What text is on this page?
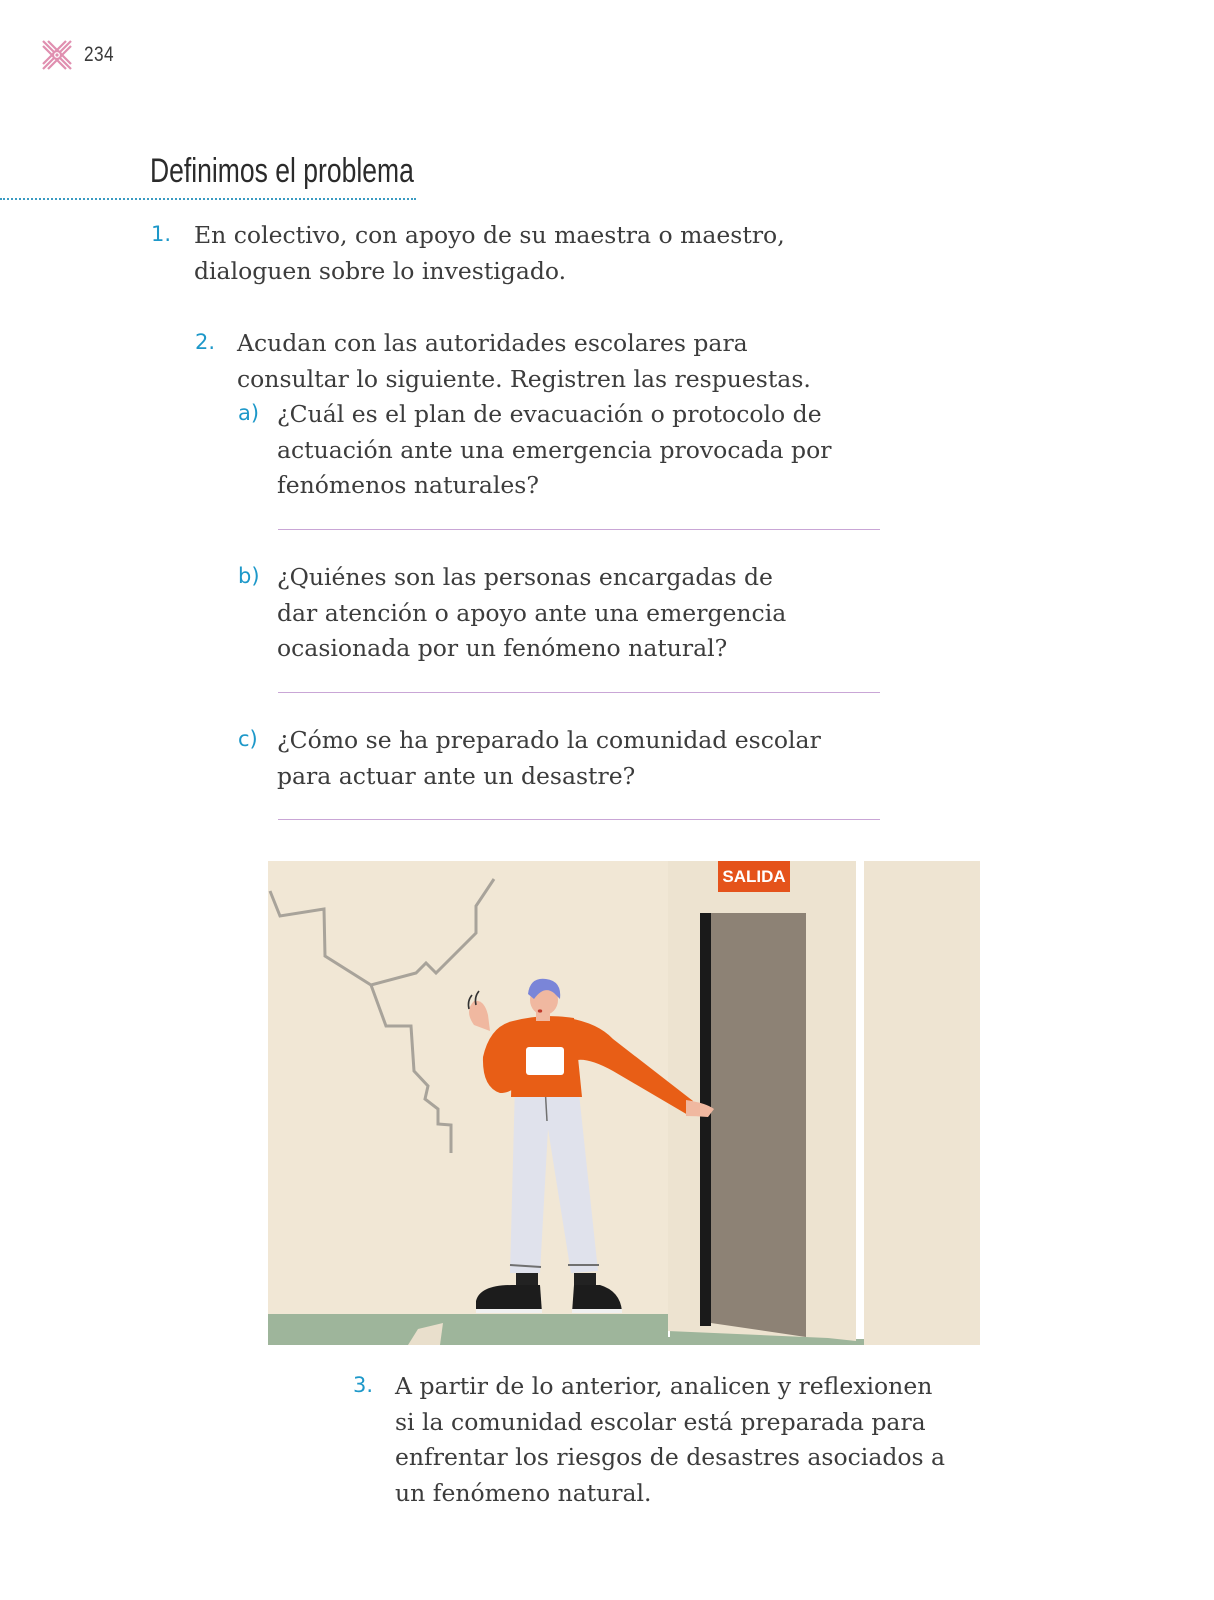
234
Definimos el problema
1. En colectivo, con apoyo de su maestra o maestro,
dialoguen sobre lo investigado.
2. Acudan con las autoridades escolares para
consultar lo siguiente. Registren las respuestas.
a) ¿Cuál es el plan de evacuación o protocolo de
actuación ante una emergencia provocada por
fenómenos naturales?
b) ¿Quiénes son las personas encargadas de
dar atención o apoyo ante una emergencia
ocasionada por un fenómeno natural?
c) ¿Cómo se ha preparado la comunidad escolar
para actuar ante un desastre?
SALIDA
3. A partir de lo anterior, analicen y reflexionen
si la comunidad escolar está preparada para
enfrentar los riesgos de desastres asociados a
un fenómeno natural.
